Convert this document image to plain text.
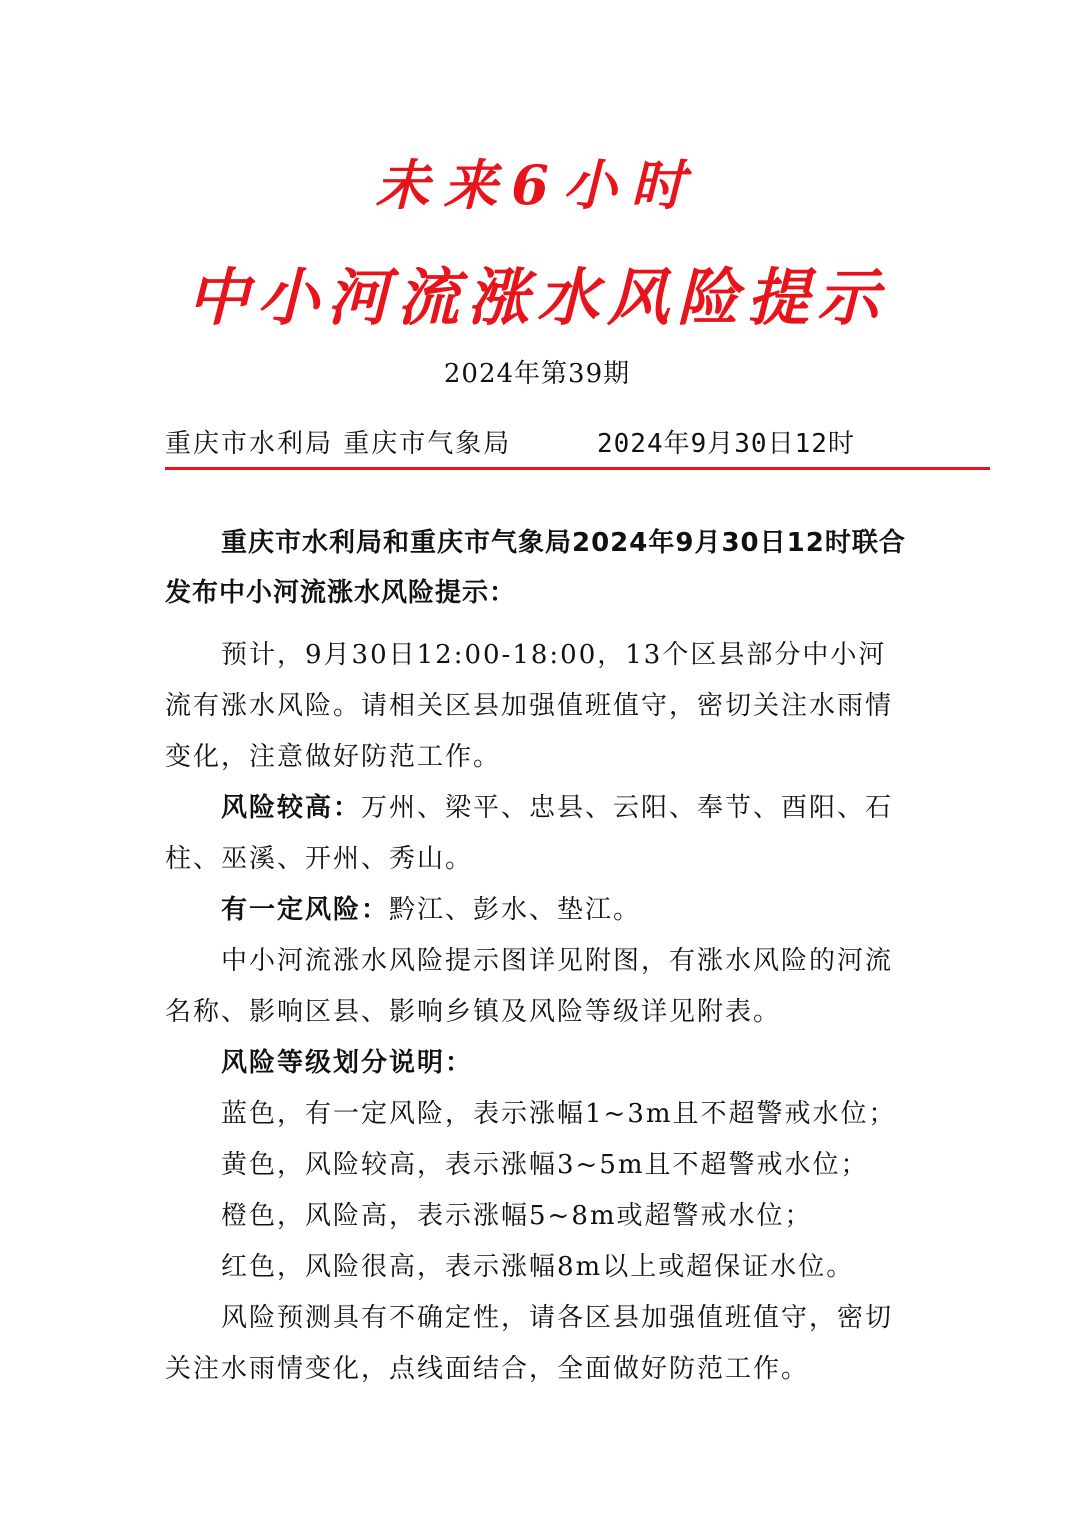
未来6小时
中小河流涨水风险提示
2024年第39期
重庆市水利局 重庆市气象局	2024年9月30日12时
重庆市水利局和重庆市气象局2024年9月30日12时联合发布中小河流涨水风险提示：

预计，9月30日12:00-18:00，13个区县部分中小河流有涨水风险。请相关区县加强值班值守，密切关注水雨情变化，注意做好防范工作。

风险较高：万州、梁平、忠县、云阳、奉节、酉阳、石柱、巫溪、开州、秀山。

有一定风险：黔江、彭水、垫江。

中小河流涨水风险提示图详见附图，有涨水风险的河流名称、影响区县、影响乡镇及风险等级详见附表。

风险等级划分说明：

蓝色，有一定风险，表示涨幅1~3m且不超警戒水位；

黄色，风险较高，表示涨幅3~5m且不超警戒水位；

橙色，风险高，表示涨幅5~8m或超警戒水位；

红色，风险很高，表示涨幅8m以上或超保证水位。

风险预测具有不确定性，请各区县加强值班值守，密切关注水雨情变化，点线面结合，全面做好防范工作。
